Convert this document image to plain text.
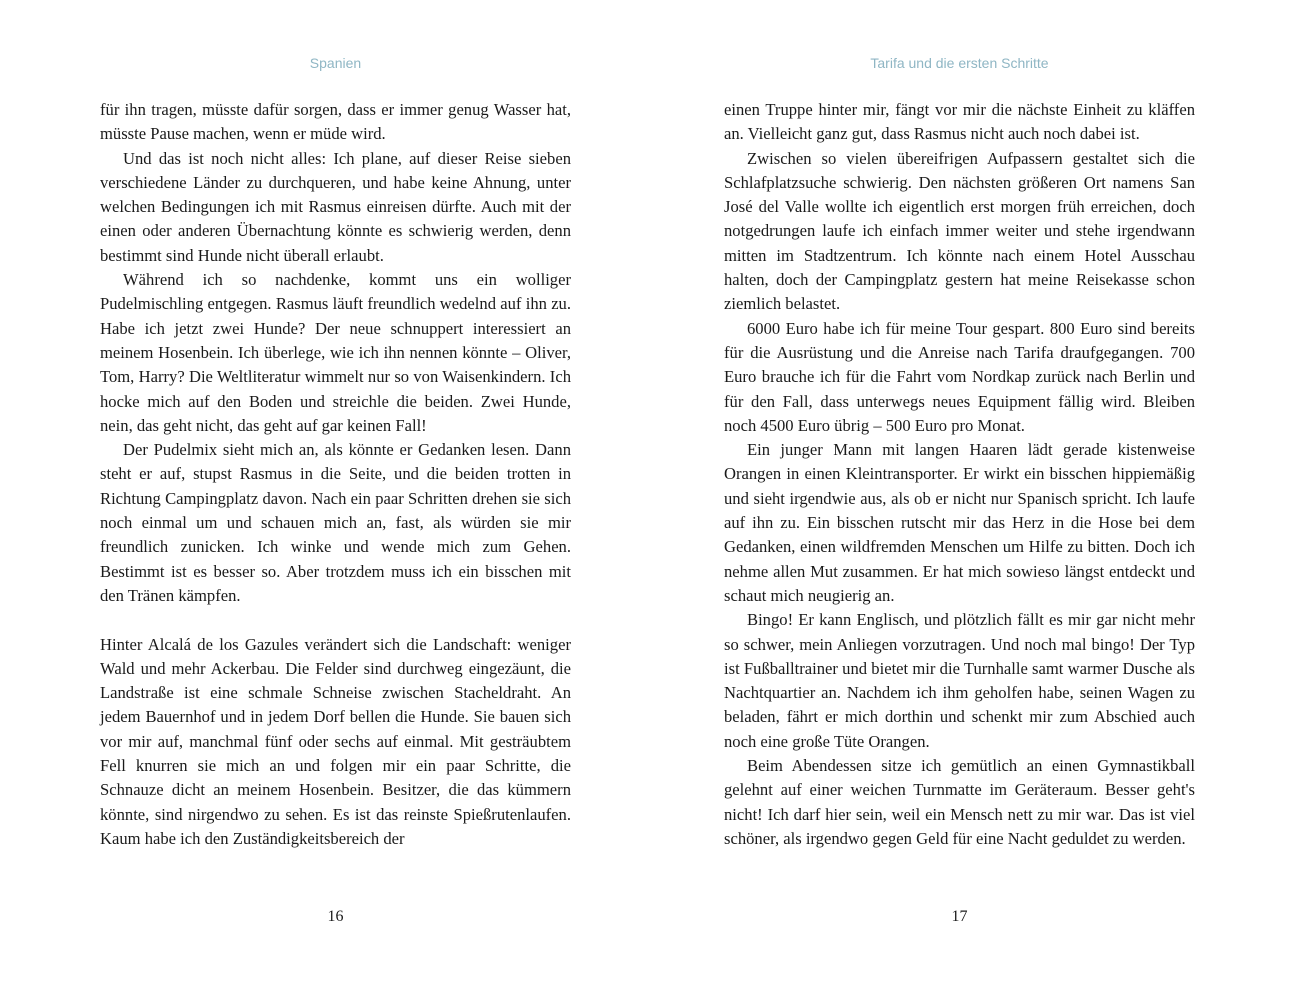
Spanien

für ihn tragen, müsste dafür sorgen, dass er immer genug Wasser hat, müsste Pause machen, wenn er müde wird.

Und das ist noch nicht alles: Ich plane, auf dieser Reise sieben verschiedene Länder zu durchqueren, und habe keine Ahnung, unter welchen Bedingungen ich mit Rasmus einreisen dürfte. Auch mit der einen oder anderen Übernachtung könnte es schwierig werden, denn bestimmt sind Hunde nicht überall erlaubt.

Während ich so nachdenke, kommt uns ein wolliger Pudelmischling entgegen. Rasmus läuft freundlich wedelnd auf ihn zu. Habe ich jetzt zwei Hunde? Der neue schnuppert interessiert an meinem Hosenbein. Ich überlege, wie ich ihn nennen könnte – Oliver, Tom, Harry? Die Weltliteratur wimmelt nur so von Waisenkindern. Ich hocke mich auf den Boden und streichle die beiden. Zwei Hunde, nein, das geht nicht, das geht auf gar keinen Fall!

Der Pudelmix sieht mich an, als könnte er Gedanken lesen. Dann steht er auf, stupst Rasmus in die Seite, und die beiden trotten in Richtung Campingplatz davon. Nach ein paar Schritten drehen sie sich noch einmal um und schauen mich an, fast, als würden sie mir freundlich zunicken. Ich winke und wende mich zum Gehen. Bestimmt ist es besser so. Aber trotzdem muss ich ein bisschen mit den Tränen kämpfen.

Hinter Alcalá de los Gazules verändert sich die Landschaft: weniger Wald und mehr Ackerbau. Die Felder sind durchweg eingezäunt, die Landstraße ist eine schmale Schneise zwischen Stacheldraht. An jedem Bauernhof und in jedem Dorf bellen die Hunde. Sie bauen sich vor mir auf, manchmal fünf oder sechs auf einmal. Mit gesträubtem Fell knurren sie mich an und folgen mir ein paar Schritte, die Schnauze dicht an meinem Hosenbein. Besitzer, die das kümmern könnte, sind nirgendwo zu sehen. Es ist das reinste Spießrutenlaufen. Kaum habe ich den Zuständigkeitsbereich der

16
Tarifa und die ersten Schritte

einen Truppe hinter mir, fängt vor mir die nächste Einheit zu kläffen an. Vielleicht ganz gut, dass Rasmus nicht auch noch dabei ist.

Zwischen so vielen übereifrigen Aufpassern gestaltet sich die Schlafplatzsuche schwierig. Den nächsten größeren Ort namens San José del Valle wollte ich eigentlich erst morgen früh erreichen, doch notgedrungen laufe ich einfach immer weiter und stehe irgendwann mitten im Stadtzentrum. Ich könnte nach einem Hotel Ausschau halten, doch der Campingplatz gestern hat meine Reisekasse schon ziemlich belastet.

6000 Euro habe ich für meine Tour gespart. 800 Euro sind bereits für die Ausrüstung und die Anreise nach Tarifa draufgegangen. 700 Euro brauche ich für die Fahrt vom Nordkap zurück nach Berlin und für den Fall, dass unterwegs neues Equipment fällig wird. Bleiben noch 4500 Euro übrig – 500 Euro pro Monat.

Ein junger Mann mit langen Haaren lädt gerade kistenweise Orangen in einen Kleintransporter. Er wirkt ein bisschen hippiemäßig und sieht irgendwie aus, als ob er nicht nur Spanisch spricht. Ich laufe auf ihn zu. Ein bisschen rutscht mir das Herz in die Hose bei dem Gedanken, einen wildfremden Menschen um Hilfe zu bitten. Doch ich nehme allen Mut zusammen. Er hat mich sowieso längst entdeckt und schaut mich neugierig an.

Bingo! Er kann Englisch, und plötzlich fällt es mir gar nicht mehr so schwer, mein Anliegen vorzutragen. Und noch mal bingo! Der Typ ist Fußballtrainer und bietet mir die Turnhalle samt warmer Dusche als Nachtquartier an. Nachdem ich ihm geholfen habe, seinen Wagen zu beladen, fährt er mich dorthin und schenkt mir zum Abschied auch noch eine große Tüte Orangen.

Beim Abendessen sitze ich gemütlich an einen Gymnastikball gelehnt auf einer weichen Turnmatte im Geräteraum. Besser geht's nicht! Ich darf hier sein, weil ein Mensch nett zu mir war. Das ist viel schöner, als irgendwo gegen Geld für eine Nacht geduldet zu werden.

17
